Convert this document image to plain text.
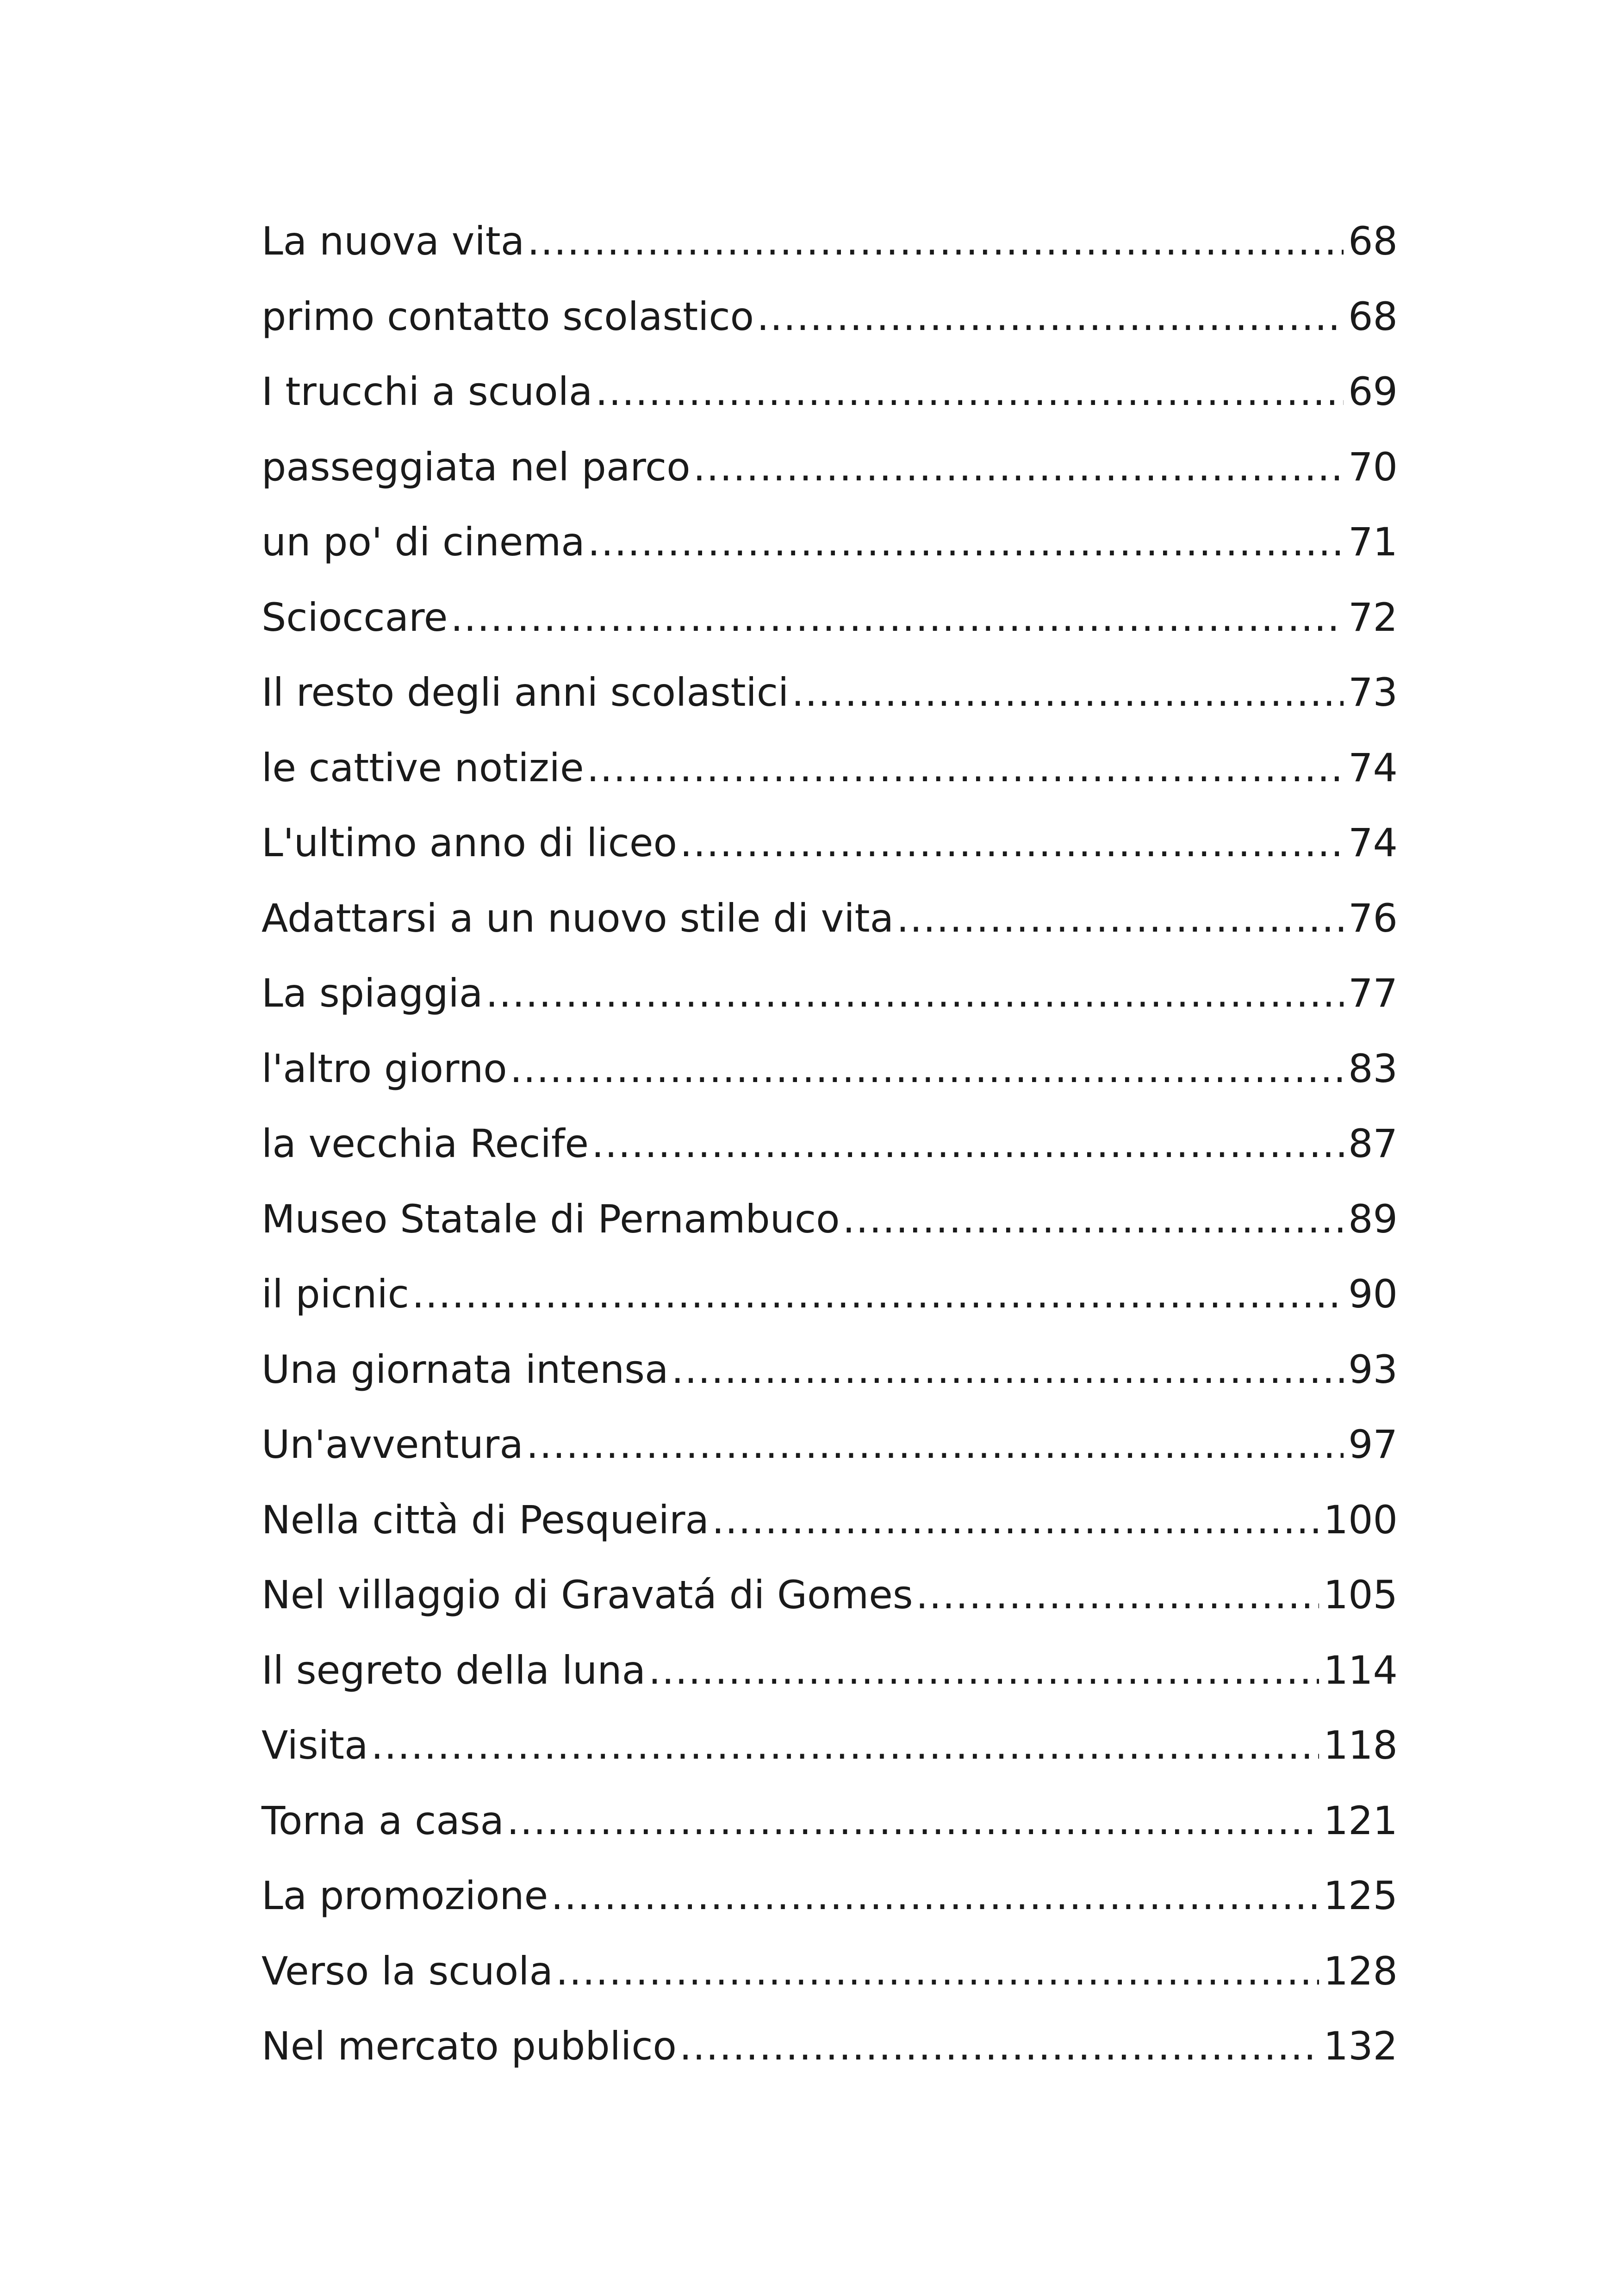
La nuova vita .....	68
primo contatto scolastico .....	68
I trucchi a scuola .....	69
passeggiata nel parco .....	70
un po' di cinema .....	71
Scioccare .....	72
Il resto degli anni scolastici .....	73
le cattive notizie .....	74
L'ultimo anno di liceo .....	74
Adattarsi a un nuovo stile di vita .....	76
La spiaggia .....	77
l'altro giorno .....	83
la vecchia Recife .....	87
Museo Statale di Pernambuco .....	89
il picnic .....	90
Una giornata intensa .....	93
Un'avventura .....	97
Nella città di Pesqueira .....	100
Nel villaggio di Gravatá di Gomes .....	105
Il segreto della luna .....	114
Visita .....	118
Torna a casa .....	121
La promozione .....	125
Verso la scuola .....	128
Nel mercato pubblico .....	132
